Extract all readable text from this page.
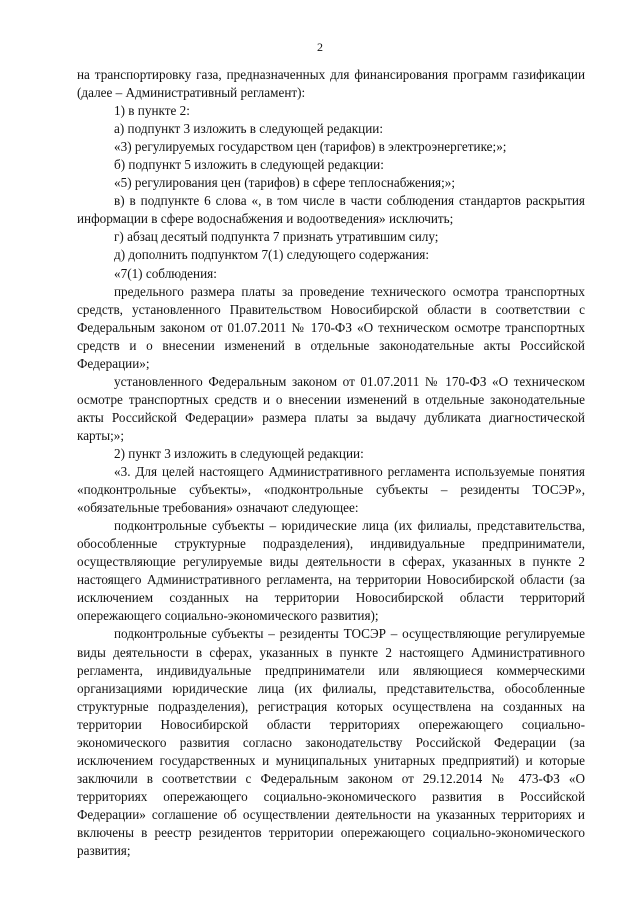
2

на транспортировку газа, предназначенных для финансирования программ газификации (далее – Административный регламент):

1) в пункте 2:

а) подпункт 3 изложить в следующей редакции:

«3) регулируемых государством цен (тарифов) в электроэнергетике;»;

б) подпункт 5 изложить в следующей редакции:

«5) регулирования цен (тарифов) в сфере теплоснабжения;»;

в) в подпункте 6 слова «, в том числе в части соблюдения стандартов раскрытия информации в сфере водоснабжения и водоотведения» исключить;

г) абзац десятый подпункта 7 признать утратившим силу;

д) дополнить подпунктом 7(1) следующего содержания:

«7(1) соблюдения:

предельного размера платы за проведение технического осмотра транспортных средств, установленного Правительством Новосибирской области в соответствии с Федеральным законом от 01.07.2011 № 170-ФЗ «О техническом осмотре транспортных средств и о внесении изменений в отдельные законодательные акты Российской Федерации»;

установленного Федеральным законом от 01.07.2011 № 170-ФЗ «О техническом осмотре транспортных средств и о внесении изменений в отдельные законодательные акты Российской Федерации» размера платы за выдачу дубликата диагностической карты;»;

2) пункт 3 изложить в следующей редакции:

«3. Для целей настоящего Административного регламента используемые понятия «подконтрольные субъекты», «подконтрольные субъекты – резиденты ТОСЭР», «обязательные требования» означают следующее:

подконтрольные субъекты – юридические лица (их филиалы, представительства, обособленные структурные подразделения), индивидуальные предприниматели, осуществляющие регулируемые виды деятельности в сферах, указанных в пункте 2 настоящего Административного регламента, на территории Новосибирской области (за исключением созданных на территории Новосибирской области территорий опережающего социально-экономического развития);

подконтрольные субъекты – резиденты ТОСЭР – осуществляющие регулируемые виды деятельности в сферах, указанных в пункте 2 настоящего Административного регламента, индивидуальные предприниматели или являющиеся коммерческими организациями юридические лица (их филиалы, представительства, обособленные структурные подразделения), регистрация которых осуществлена на созданных на территории Новосибирской области территориях опережающего социально-экономического развития согласно законодательству Российской Федерации (за исключением государственных и муниципальных унитарных предприятий) и которые заключили в соответствии с Федеральным законом от 29.12.2014 № 473-ФЗ «О территориях опережающего социально-экономического развития в Российской Федерации» соглашение об осуществлении деятельности на указанных территориях и включены в реестр резидентов территории опережающего социально-экономического развития;
